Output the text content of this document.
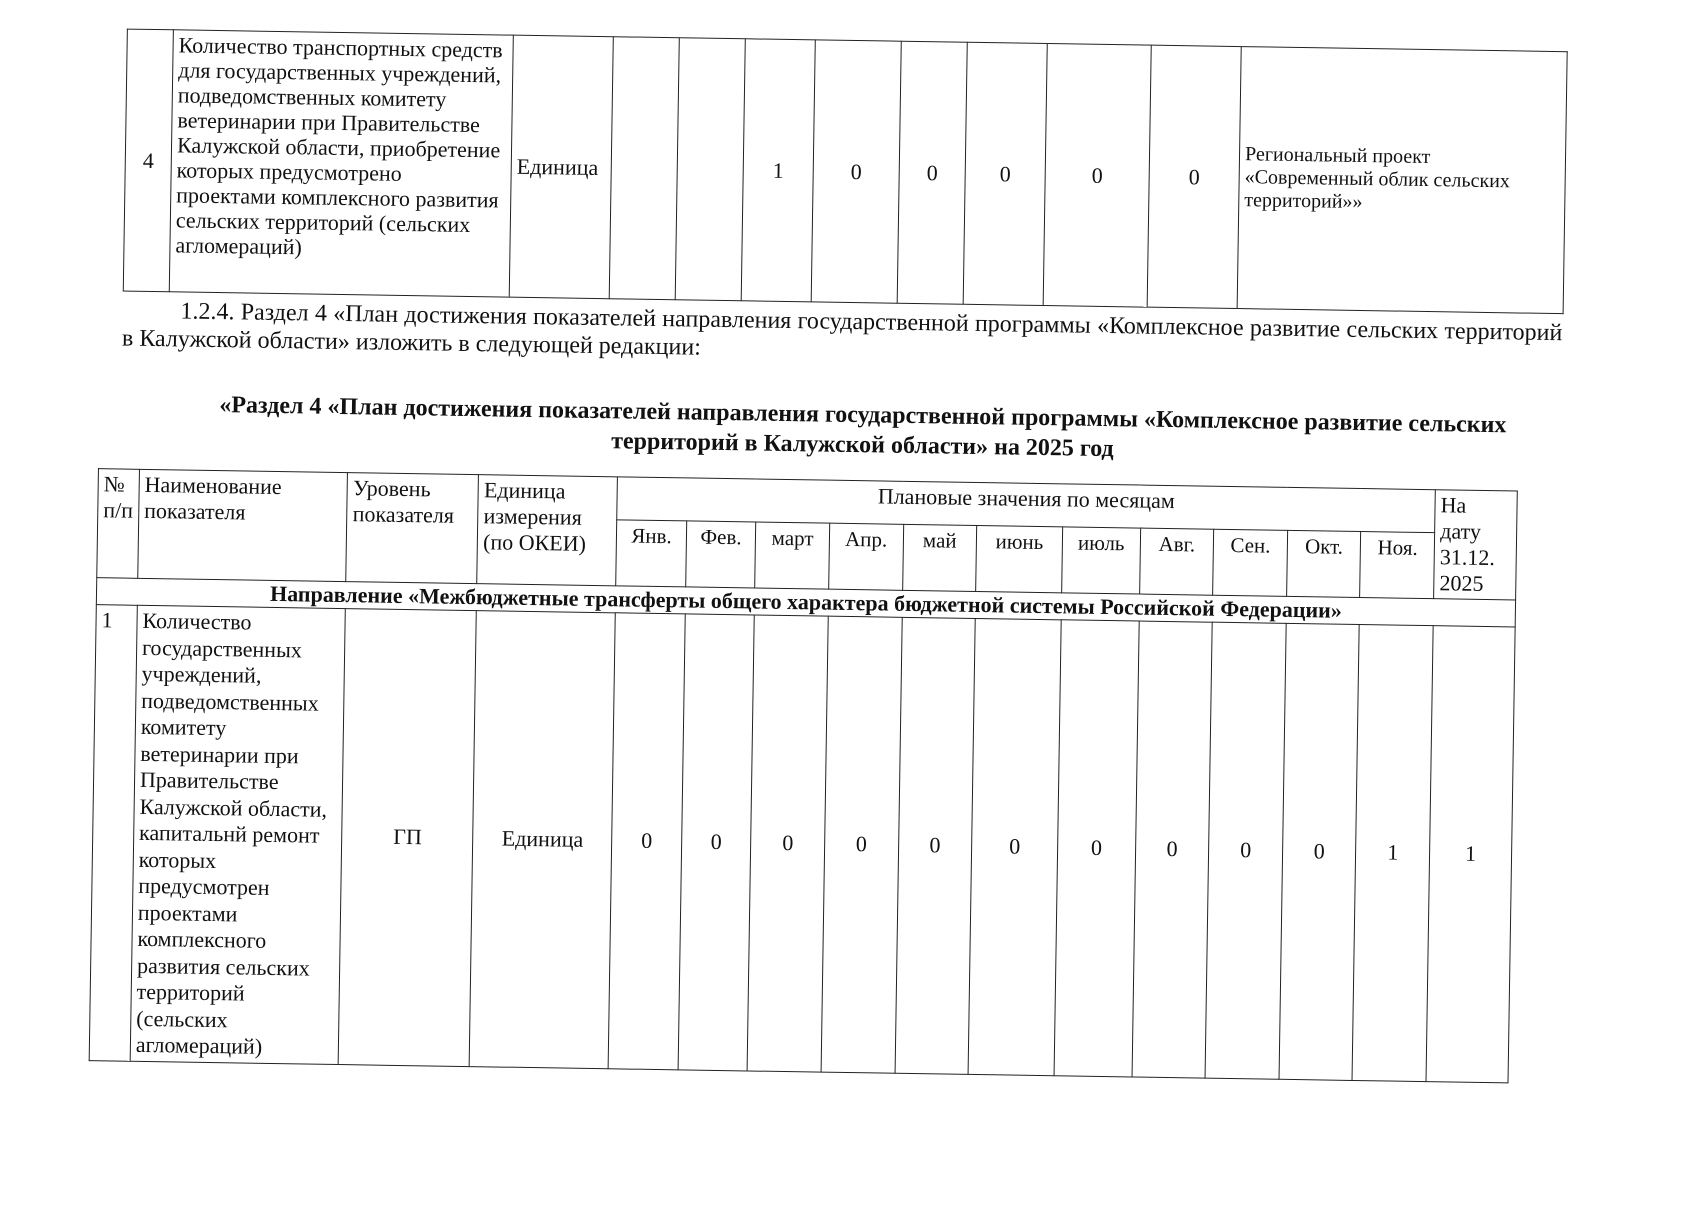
4	Количество транспортных средств для государственных учреждений, подведомственных комитету ветеринарии при Правительстве Калужской области, приобретение которых предусмотрено проектами комплексного развития сельских территорий (сельских агломераций)	Единица			1	0	0	0	0	0	Региональный проект «Современный облик сельских территорий»»
1.2.4. Раздел 4 «План достижения показателей направления государственной программы «Комплексное развитие сельских территорий в Калужской области» изложить в следующей редакции:
«Раздел 4 «План достижения показателей направления государственной программы «Комплексное развитие сельских территорий в Калужской области» на 2025 год
№ п/п	Наименование показателя	Уровень показателя	Единица измерения (по ОКЕИ)	Плановые значения по месяцам											На дату 31.12. 2025
				Янв.	Фев.	март	Апр.	май	июнь	июль	Авг.	Сен.	Окт.	Ноя.	
Направление «Межбюджетные трансферты общего характера бюджетной системы Российской Федерации»															
1	Количество государственных учреждений, подведомственных комитету ветеринарии при Правительстве Калужской области, капитальнй ремонт которых предусмотрен проектами комплексного развития сельских территорий (сельских агломераций)	ГП	Единица	0	0	0	0	0	0	0	0	0	0	1	1
